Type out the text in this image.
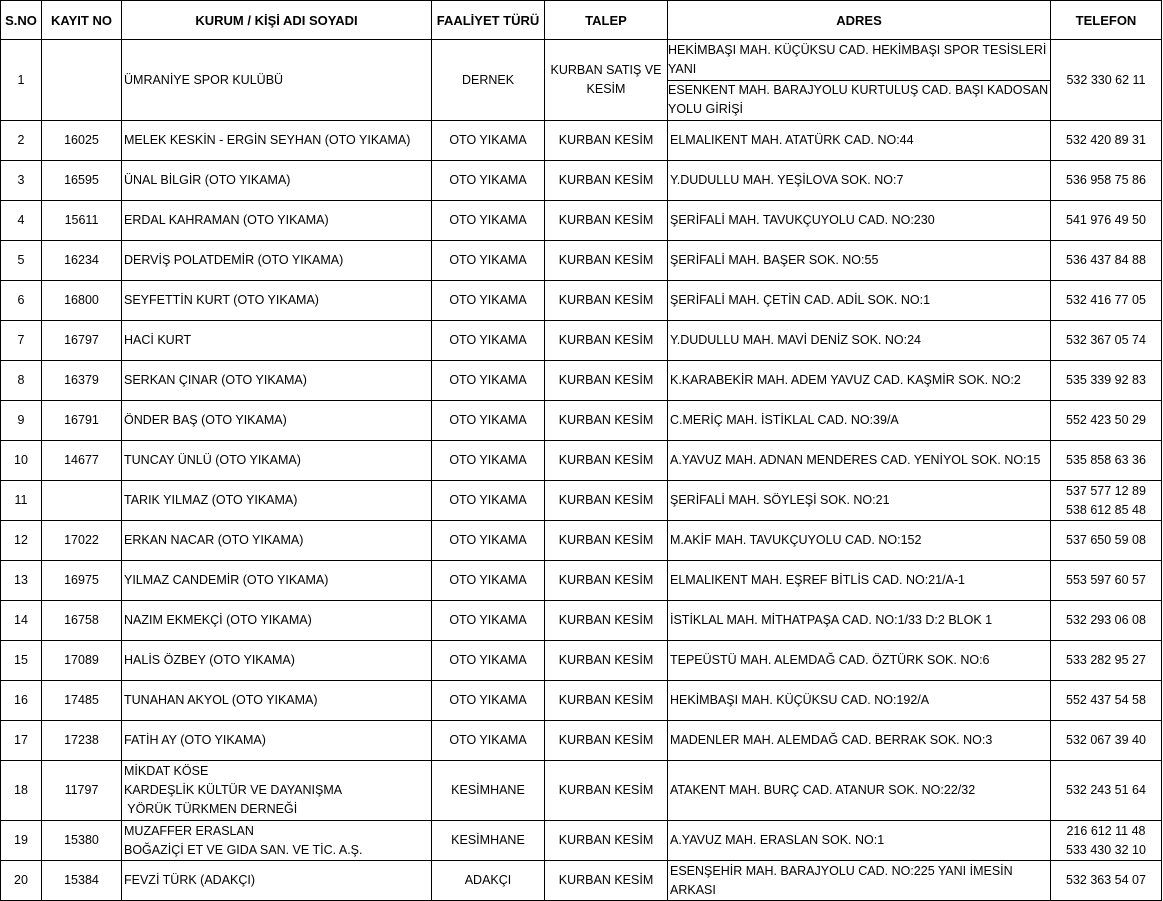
S.NO	KAYIT NO	KURUM / KİŞİ ADI SOYADI	FAALİYET TÜRÜ	TALEP	ADRES	TELEFON
1		ÜMRANİYE SPOR KULÜBÜ	DERNEK	KURBAN SATIŞ VE KESİM	HEKİMBAŞI MAH. KÜÇÜKSU CAD. HEKİMBAŞI SPOR TESİSLERİ YANI
ESENKENT MAH. BARAJYOLU KURTULUŞ CAD. BAŞI KADOSAN YOLU GİRİŞİ	532 330 62 11
2	16025	MELEK KESKİN - ERGİN SEYHAN (OTO YIKAMA)	OTO YIKAMA	KURBAN KESİM	ELMALIKENT MAH. ATATÜRK CAD. NO:44	532 420 89 31

3	16595	ÜNAL BİLGİR (OTO YIKAMA)	OTO YIKAMA	KURBAN KESİM	Y.DUDULLU MAH. YEŞİLOVA SOK. NO:7	536 958 75 86

4	15611	ERDAL KAHRAMAN (OTO YIKAMA)	OTO YIKAMA	KURBAN KESİM	ŞERİFALİ MAH. TAVUKÇUYOLU CAD. NO:230	541 976 49 50

5	16234	DERVİŞ POLATDEMİR (OTO YIKAMA)	OTO YIKAMA	KURBAN KESİM	ŞERİFALİ MAH. BAŞER SOK. NO:55	536 437 84 88

6	16800	SEYFETTİN KURT (OTO YIKAMA)	OTO YIKAMA	KURBAN KESİM	ŞERİFALİ MAH. ÇETİN CAD. ADİL SOK. NO:1	532 416 77 05

7	16797	HACİ KURT	OTO YIKAMA	KURBAN KESİM	Y.DUDULLU MAH. MAVİ DENİZ SOK. NO:24	532 367 05 74

8	16379	SERKAN ÇINAR (OTO YIKAMA)	OTO YIKAMA	KURBAN KESİM	K.KARABEKİR MAH. ADEM YAVUZ CAD. KAŞMİR SOK. NO:2	535 339 92 83

9	16791	ÖNDER BAŞ (OTO YIKAMA)	OTO YIKAMA	KURBAN KESİM	C.MERİÇ MAH. İSTİKLAL CAD. NO:39/A	552 423 50 29

10	14677	TUNCAY ÜNLÜ (OTO YIKAMA)	OTO YIKAMA	KURBAN KESİM	A.YAVUZ MAH. ADNAN MENDERES CAD. YENİYOL SOK. NO:15	535 858 63 36

11		TARIK YILMAZ (OTO YIKAMA)	OTO YIKAMA	KURBAN KESİM	ŞERİFALİ MAH. SÖYLEŞİ SOK. NO:21	537 577 12 89
538 612 85 48

12	17022	ERKAN NACAR (OTO YIKAMA)	OTO YIKAMA	KURBAN KESİM	M.AKİF MAH. TAVUKÇUYOLU CAD. NO:152	537 650 59 08

13	16975	YILMAZ CANDEMİR (OTO YIKAMA)	OTO YIKAMA	KURBAN KESİM	ELMALIKENT MAH. EŞREF BİTLİS CAD. NO:21/A-1	553 597 60 57

14	16758	NAZIM EKMEKÇİ (OTO YIKAMA)	OTO YIKAMA	KURBAN KESİM	İSTİKLAL MAH. MİTHATPAŞA CAD. NO:1/33 D:2 BLOK 1	532 293 06 08

15	17089	HALİS ÖZBEY (OTO YIKAMA)	OTO YIKAMA	KURBAN KESİM	TEPEÜSTÜ MAH. ALEMDAĞ CAD. ÖZTÜRK SOK. NO:6	533 282 95 27

16	17485	TUNAHAN AKYOL (OTO YIKAMA)	OTO YIKAMA	KURBAN KESİM	HEKİMBAŞI MAH. KÜÇÜKSU CAD. NO:192/A	552 437 54 58

17	17238	FATİH AY (OTO YIKAMA)	OTO YIKAMA	KURBAN KESİM	MADENLER MAH. ALEMDAĞ CAD. BERRAK SOK. NO:3	532 067 39 40

18	11797	MİKDAT KÖSE
KARDEŞLİK KÜLTÜR VE DAYANIŞMA
YÖRÜK TÜRKMEN DERNEĞİ	KESİMHANE	KURBAN KESİM	ATAKENT MAH. BURÇ CAD. ATANUR SOK. NO:22/32	532 243 51 64

19	15380	MUZAFFER ERASLAN
BOĞAZİÇİ ET VE GIDA SAN. VE TİC. A.Ş.	KESİMHANE	KURBAN KESİM	A.YAVUZ MAH. ERASLAN SOK. NO:1	216 612 11 48
533 430 32 10

20	15384	FEVZİ TÜRK (ADAKÇI)	ADAKÇI	KURBAN KESİM	ESENŞEHİR MAH. BARAJYOLU CAD. NO:225 YANI İMESİN ARKASI	532 363 54 07
